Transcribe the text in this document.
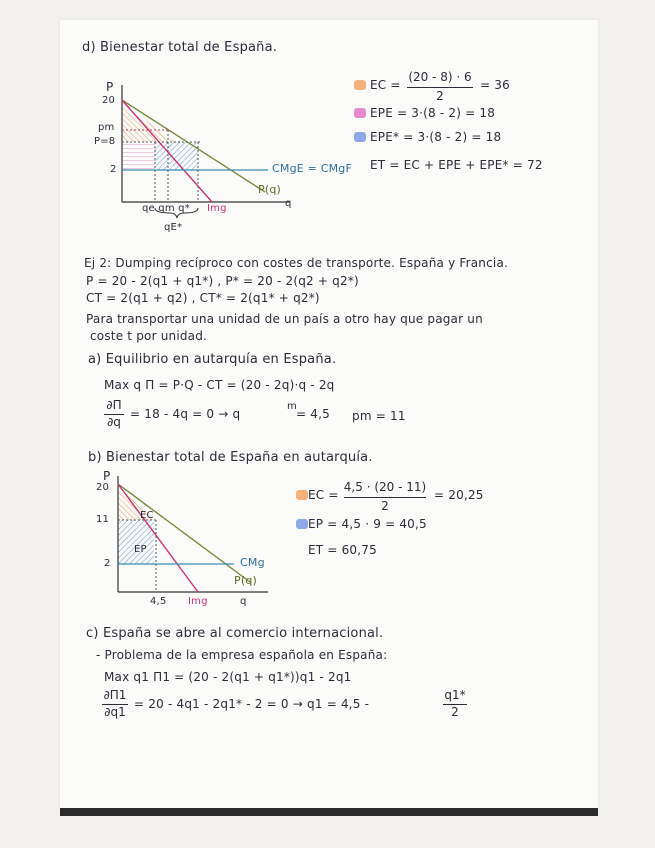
d) Bienestar total de España.
P
20
pm
P=8
2	CMgE = CMgF
P(q)
q
qe qm q* Img
qE*
EC =
(20 - 8) · 6
2
= 36
EPE = 3·(8 - 2) = 18
EPE* = 3·(8 - 2) = 18
ET = EC + EPE + EPE* = 72
Ej 2: Dumping recíproco con costes de transporte. España y Francia.
P = 20 - 2(q1 + q1*) , P* = 20 - 2(q2 + q2*)
CT = 2(q1 + q2) , CT* = 2(q1* + q2*)
Para transportar una unidad de un país a otro hay que pagar un
coste t por unidad.
a) Equilibrio en autarquía en España.
Max q Π = P·Q - CT = (20 - 2q)·q - 2q
∂Π
∂q
= 18 - 4q = 0 → q
m
= 4,5 pm = 11
b) Bienestar total de España en autarquía.
P
20
11
2
EC
EP
CMg
P(q)
4,5 Img	q
EC =
4,5 · (20 - 11)
2
= 20,25
EP = 4,5 · 9 = 40,5
ET = 60,75
c) España se abre al comercio internacional.
- Problema de la empresa española en España:
Max q1 Π1 = (20 - 2(q1 + q1*))q1 - 2q1
∂Π1
∂q1
= 20 - 4q1 - 2q1* - 2 = 0 → q1 = 4,5 -
q1*
2
